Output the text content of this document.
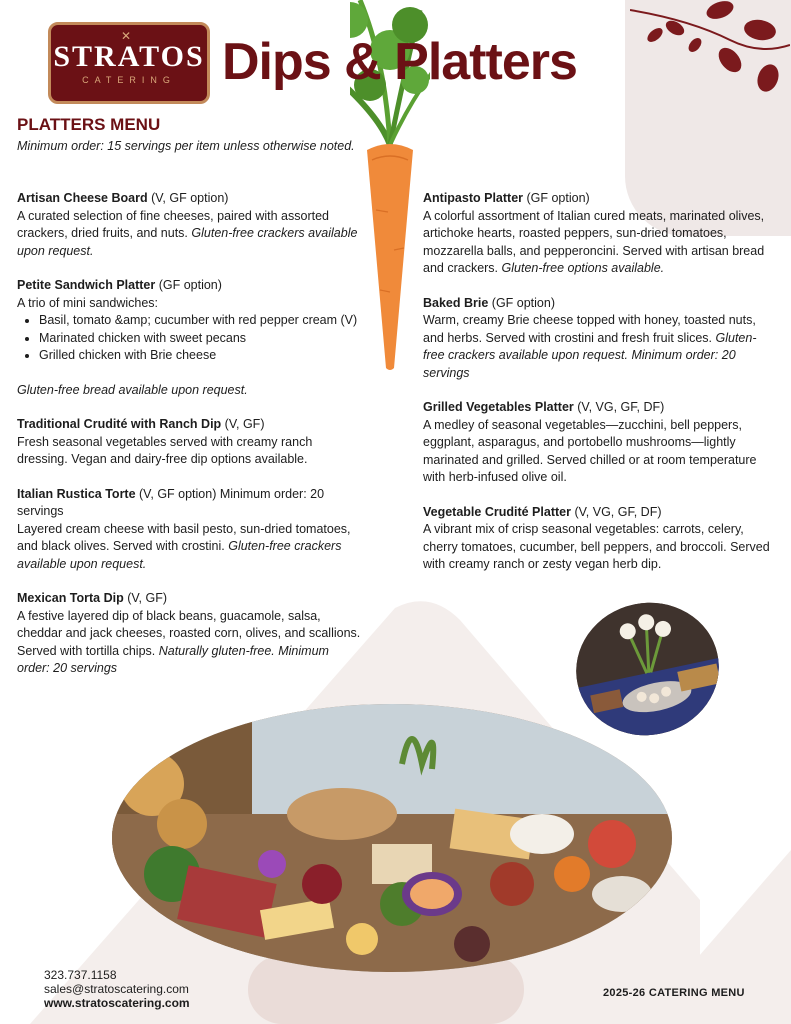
✕
STRATOS
CATERING Dips & Platters
PLATTERS MENU
Minimum order: 15 servings per item unless otherwise noted.
Artisan Cheese Board (V, GF option)
A curated selection of fine cheeses, paired with assorted crackers, dried fruits, and nuts. Gluten-free crackers available upon request.
Petite Sandwich Platter (GF option)
A trio of mini sandwiches:
• Basil, tomato &amp; cucumber with red pepper cream (V)
• Marinated chicken with sweet pecans
• Grilled chicken with Brie cheese
Gluten-free bread available upon request.
Traditional Crudité with Ranch Dip (V, GF)
Fresh seasonal vegetables served with creamy ranch dressing. Vegan and dairy-free dip options available.
Italian Rustica Torte (V, GF option) Minimum order: 20 servings
Layered cream cheese with basil pesto, sun-dried tomatoes, and black olives. Served with crostini. Gluten-free crackers available upon request.
Mexican Torta Dip (V, GF)
A festive layered dip of black beans, guacamole, salsa, cheddar and jack cheeses, roasted corn, olives, and scallions. Served with tortilla chips. Naturally gluten-free. Minimum order: 20 servings
Antipasto Platter (GF option)
A colorful assortment of Italian cured meats, marinated olives, artichoke hearts, roasted peppers, sun-dried tomatoes, mozzarella balls, and pepperoncini. Served with artisan bread and crackers. Gluten-free options available.
Baked Brie (GF option)
Warm, creamy Brie cheese topped with honey, toasted nuts, and herbs. Served with crostini and fresh fruit slices. Gluten-free crackers available upon request. Minimum order: 20 servings
Grilled Vegetables Platter (V, VG, GF, DF)
A medley of seasonal vegetables—zucchini, bell peppers, eggplant, asparagus, and portobello mushrooms—lightly marinated and grilled. Served chilled or at room temperature with herb-infused olive oil.
Vegetable Crudité Platter (V, VG, GF, DF)
A vibrant mix of crisp seasonal vegetables: carrots, celery, cherry tomatoes, cucumber, bell peppers, and broccoli. Served with creamy ranch or zesty vegan herb dip.
323.737.1158
sales@stratoscatering.com
www.stratoscatering.com
2025-26 CATERING MENU
